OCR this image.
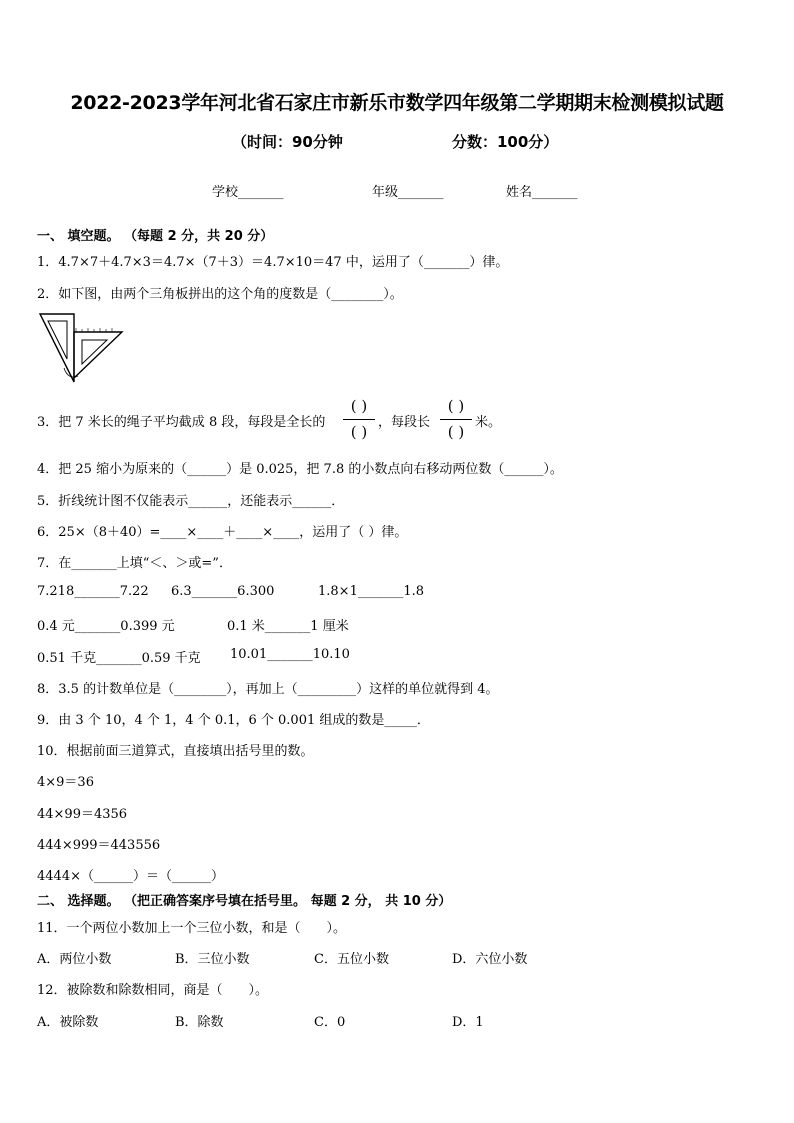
2022-2023学年河北省石家庄市新乐市数学四年级第二学期期末检测模拟试题
（时间：90分钟	分数：100分）
学校_______	年级_______	姓名_______
一、 填空题。 （每题 2 分，共 20 分）
1．4.7×7＋4.7×3＝4.7×（7＋3）＝4.7×10＝47 中，运用了（_______）律。
2．如下图，由两个三角板拼出的这个角的度数是（________）。
3．把 7 米长的绳子平均截成 8 段，每段是全长的
( )
( )
，每段长
( )
( )
米。
4．把 25 缩小为原来的（______）是 0.025，把 7.8 的小数点向右移动两位数（______）。
5．折线统计图不仅能表示______，还能表示______．
6．25×（8＋40）=____×____＋____×____，运用了（ ）律。
7．在_______上填“＜、＞或=”．
7.218_______7.22 6.3_______6.300	1.8×1_______1.8
0.4 元_______0.399 元	0.1 米_______1 厘米
0.51 千克_______0.59 千克 10.01_______10.10
8．3.5 的计数单位是（________），再加上（_________）这样的单位就得到 4。
9．由 3 个 10，4 个 1，4 个 0.1，6 个 0.001 组成的数是_____．
10．根据前面三道算式，直接填出括号里的数。
4×9＝36
44×99＝4356
444×999＝443556
4444×（______）＝（______）
二、 选择题。 （把正确答案序号填在括号里。 每题 2 分， 共 10 分）
11．一个两位小数加上一个三位小数，和是（　　）。
A．两位小数	B．三位小数	C．五位小数	D．六位小数
12．被除数和除数相同，商是（　　）。
A．被除数	B．除数	C．0	D．1
